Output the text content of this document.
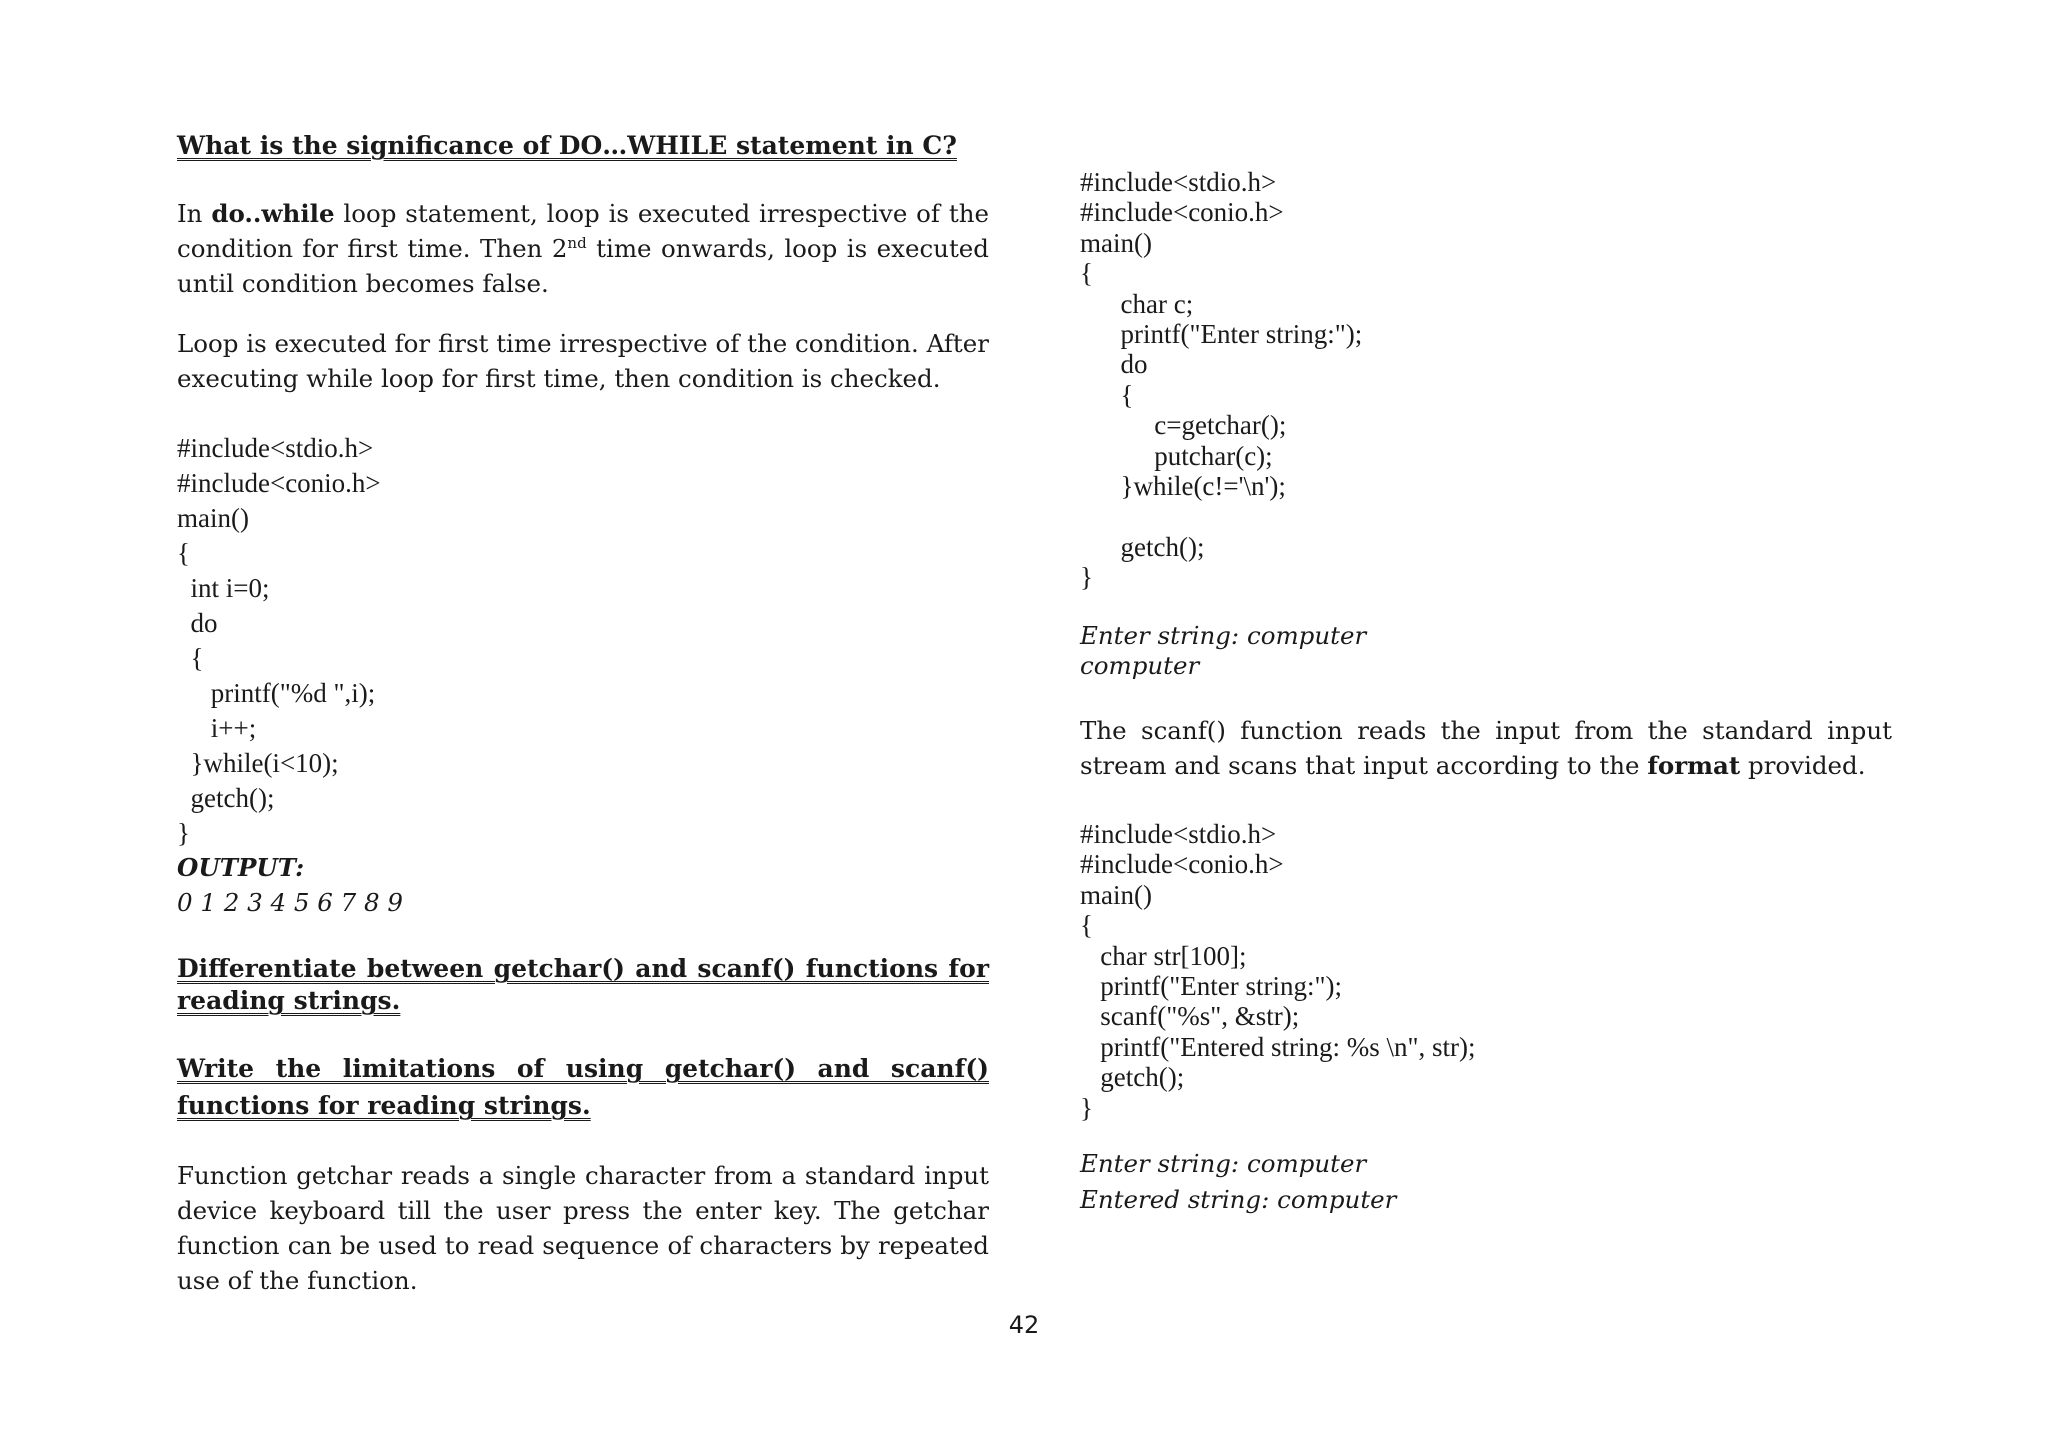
What is the significance of DO…WHILE statement in C?

In do..while loop statement, loop is executed irrespective of the condition for first time. Then 2nd time onwards, loop is executed until condition becomes false.

Loop is executed for first time irrespective of the condition. After executing while loop for first time, then condition is checked.

#include<stdio.h>
#include<conio.h>
main()
{
int i=0;
do
{
printf("%d ",i);
i++;
}while(i<10);
getch();
}

OUTPUT:

0 1 2 3 4 5 6 7 8 9

Differentiate between getchar() and scanf() functions for reading strings.
Write the limitations of using getchar() and scanf() functions for reading strings.

Function getchar reads a single character from a standard input device keyboard till the user press the enter key. The getchar function can be used to read sequence of characters by repeated use of the function.

#include<stdio.h>
#include<conio.h>
main()
{
char c;
printf("Enter string:");
do
{
c=getchar();
putchar(c);
}while(c!='\n');

getch();
}
Enter string: computer
computer

The scanf() function reads the input from the standard input stream and scans that input according to the format provided.

#include<stdio.h>
#include<conio.h>
main()
{
char str[100];
printf("Enter string:");
scanf("%s", &str);
printf("Entered string: %s \n", str);
getch();
}
Enter string: computer
Entered string: computer
42
